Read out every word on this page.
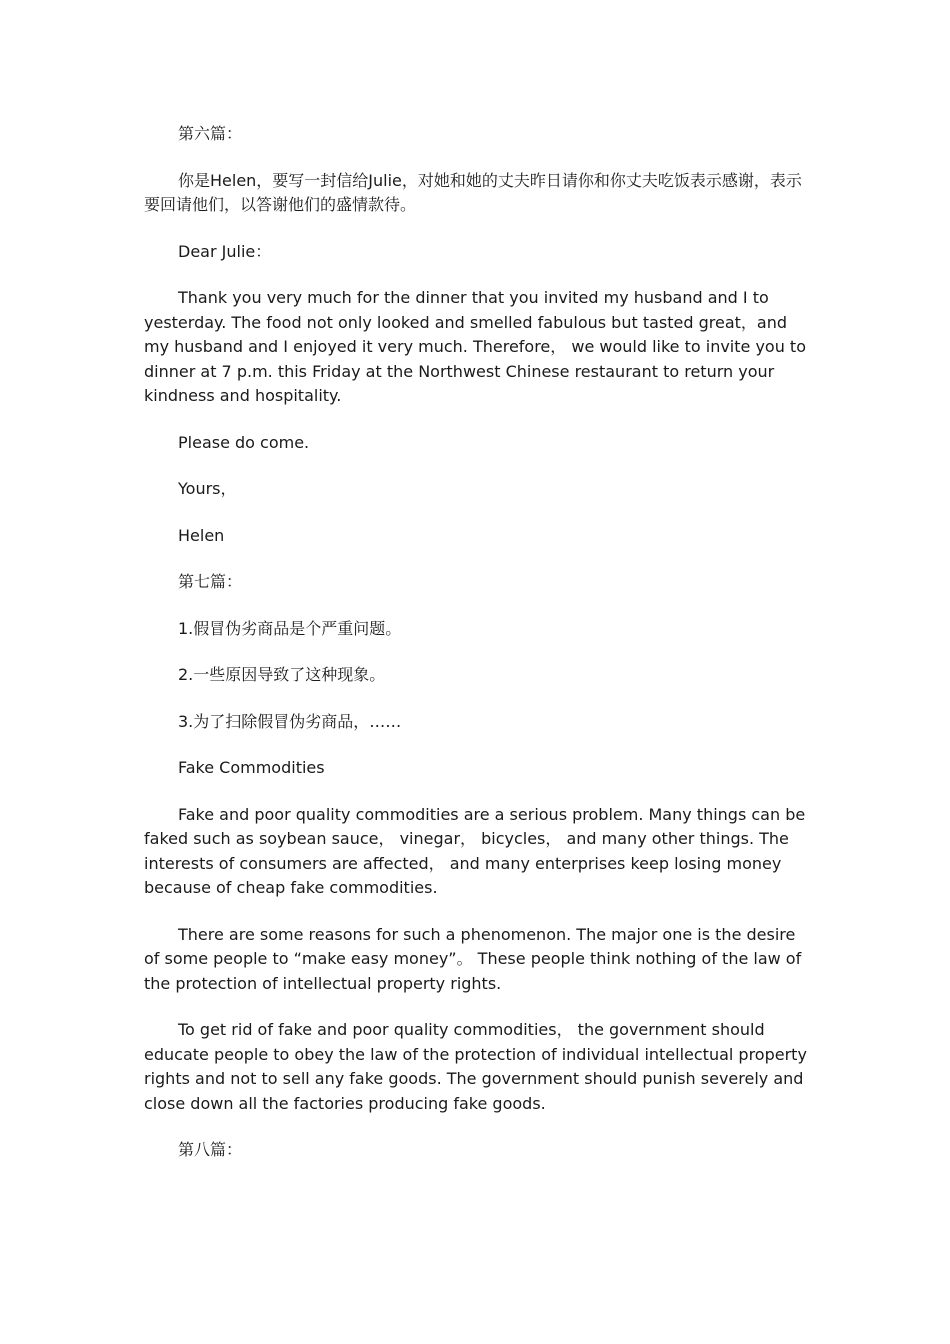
第六篇：

你是Helen，要写一封信给Julie，对她和她的丈夫昨日请你和你丈夫吃饭表示感谢，表示要回请他们，以答谢他们的盛情款待。

Dear Julie：

Thank you very much for the dinner that you invited my husband and I to yesterday. The food not only looked and smelled fabulous but tasted great，and my husband and I enjoyed it very much. Therefore， we would like to invite you to dinner at 7 p.m. this Friday at the Northwest Chinese restaurant to return your kindness and hospitality.

Please do come.

Yours，

Helen

第七篇：

1.假冒伪劣商品是个严重问题。

2.一些原因导致了这种现象。

3.为了扫除假冒伪劣商品，……

Fake Commodities

Fake and poor quality commodities are a serious problem. Many things can be faked such as soybean sauce， vinegar， bicycles， and many other things. The interests of consumers are affected， and many enterprises keep losing money because of cheap fake commodities.

There are some reasons for such a phenomenon. The major one is the desire of some people to “make easy money”。 These people think nothing of the law of the protection of intellectual property rights.

To get rid of fake and poor quality commodities， the government should educate people to obey the law of the protection of individual intellectual property rights and not to sell any fake goods. The government should punish severely and close down all the factories producing fake goods.

第八篇：
